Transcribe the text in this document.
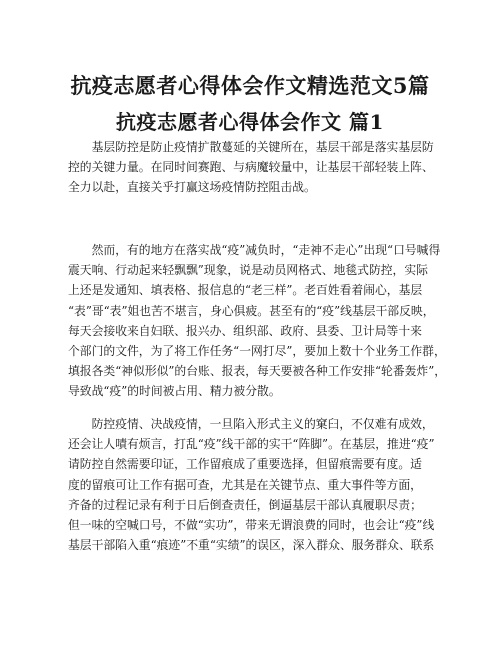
抗疫志愿者心得体会作文精选范文5篇
抗疫志愿者心得体会作文 篇1
　　基层防控是防止疫情扩散蔓延的关键所在，基层干部是落实基层防
控的关键力量。在同时间赛跑、与病魔较量中，让基层干部轻装上阵、
全力以赴，直接关乎打赢这场疫情防控阻击战。
　　然而，有的地方在落实战“疫”减负时，“走神不走心”出现“口号喊得
震天响、行动起来轻飘飘”现象，说是动员网格式、地毯式防控，实际
上还是发通知、填表格、报信息的“老三样”。老百姓看着闹心，基层
“表”哥“表”姐也苦不堪言，身心俱疲。甚至有的“疫”线基层干部反映，
每天会接收来自妇联、报兴办、组织部、政府、县委、卫计局等十来
个部门的文件，为了将工作任务“一网打尽”，要加上数十个业务工作群，
填报各类“神似形似”的台账、报表，每天要被各种工作安排“轮番轰炸”，
导致战“疫”的时间被占用、精力被分散。
　　防控疫情、决战疫情，一旦陷入形式主义的窠臼，不仅难有成效，
还会让人嘖有烦言，打乱“疫”线干部的实干“阵脚”。在基层，推进“疫”
请防控自然需要印证，工作留痕成了重要选择，但留痕需要有度。适
度的留痕可让工作有据可查，尤其是在关键节点、重大事件等方面，
齐备的过程记录有利于日后倒查责任，倒逼基层干部认真履职尽责；
但一味的空喊口号，不做“实功”，带来无谓浪费的同时，也会让“疫”线
基层干部陷入重“痕迹”不重“实绩”的误区，深入群众、服务群众、联系
